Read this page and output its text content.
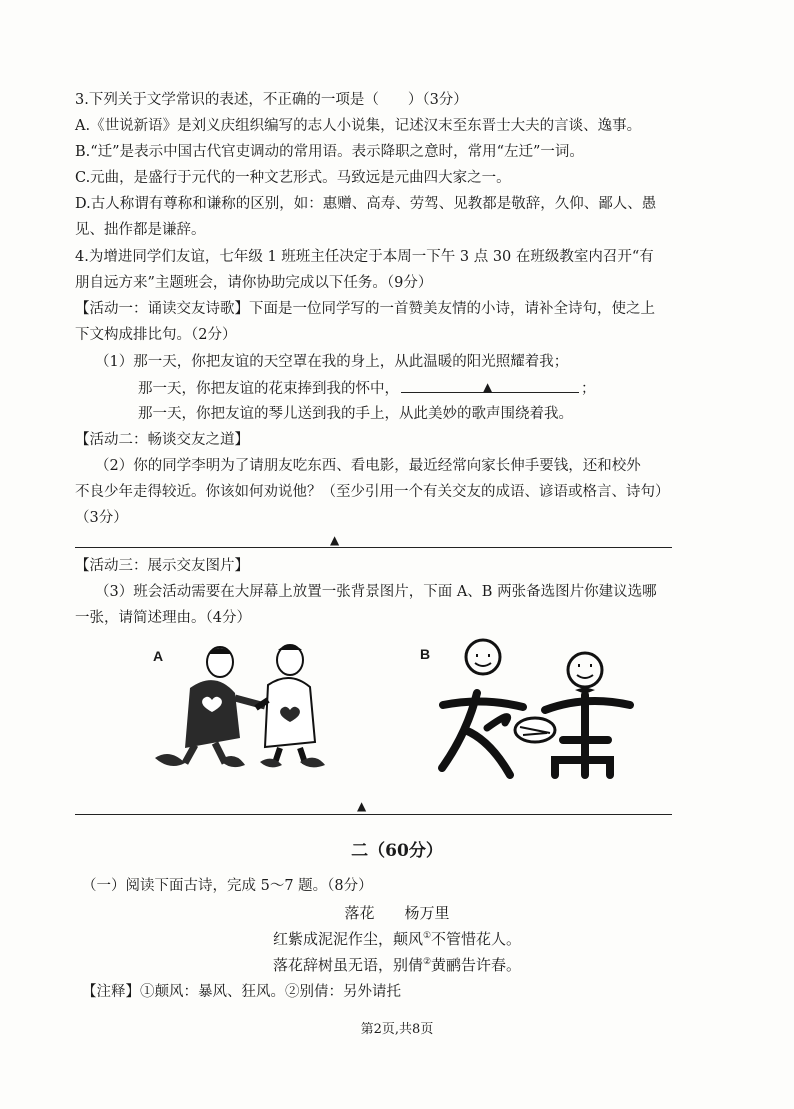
3.下列关于文学常识的表述，不正确的一项是（　　）（3分）
A.《世说新语》是刘义庆组织编写的志人小说集，记述汉末至东晋士大夫的言谈、逸事。
B.“迁”是表示中国古代官吏调动的常用语。表示降职之意时，常用“左迁”一词。
C.元曲，是盛行于元代的一种文艺形式。马致远是元曲四大家之一。
D.古人称谓有尊称和谦称的区别，如：惠赠、高寿、劳驾、见教都是敬辞，久仰、鄙人、愚
见、拙作都是谦辞。
4.为增进同学们友谊，七年级 1 班班主任决定于本周一下午 3 点 30 在班级教室内召开“有
朋自远方来”主题班会，请你协助完成以下任务。（9分）
【活动一：诵读交友诗歌】下面是一位同学写的一首赞美友情的小诗，请补全诗句，使之上
下文构成排比句。（2分）
（1）那一天，你把友谊的天空罩在我的身上，从此温暖的阳光照耀着我；
那一天，你把友谊的花束捧到我的怀中，	▲	；
那一天，你把友谊的琴儿送到我的手上，从此美妙的歌声围绕着我。
【活动二：畅谈交友之道】
（2）你的同学李明为了请朋友吃东西、看电影，最近经常向家长伸手要钱，还和校外
不良少年走得较近。你该如何劝说他？（至少引用一个有关交友的成语、谚语或格言、诗句）
（3分）
▲
【活动三：展示交友图片】
（3）班会活动需要在大屏幕上放置一张背景图片，下面 A、B 两张备选图片你建议选哪
一张，请简述理由。（4分）
A	B
▲
二（60分）
（一）阅读下面古诗，完成 5～7 题。（8分）
落花　　杨万里
红紫成泥泥作尘，颠风①不管惜花人。
落花辞树虽无语，别倩②黄鹂告许春。
【注释】①颠风：暴风、狂风。②别倩：另外请托
第2页,共8页
